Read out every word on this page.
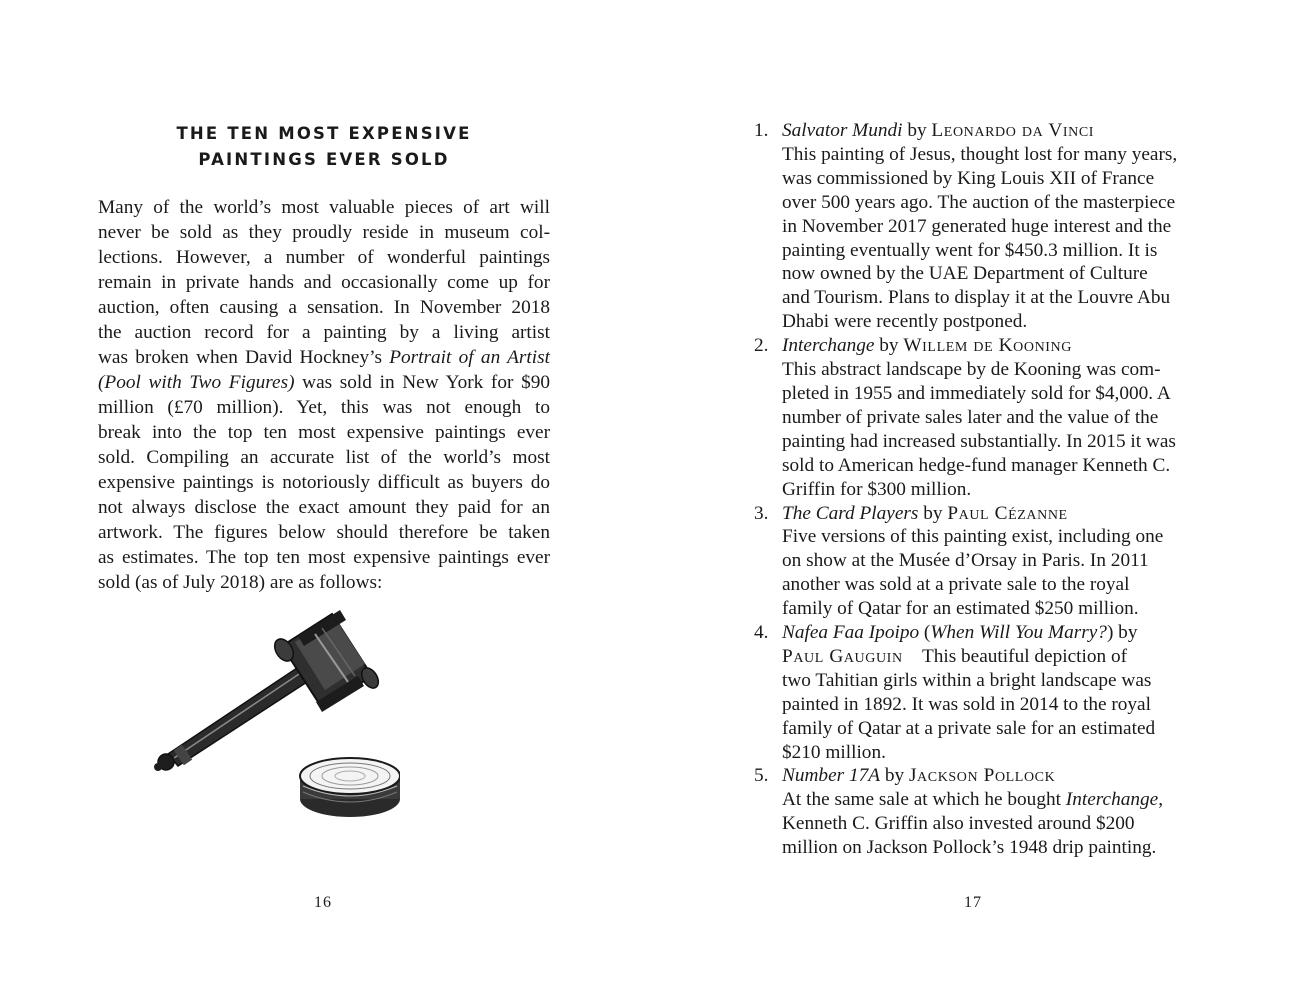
THE TEN MOST EXPENSIVE
PAINTINGS EVER SOLD

Many of the world’s most valuable pieces of art will
never be sold as they proudly reside in museum col-
lections. However, a number of wonderful paintings
remain in private hands and occasionally come up for
auction, often causing a sensation. In November 2018
the auction record for a painting by a living artist
was broken when David Hockney’s Portrait of an Artist
(Pool with Two Figures) was sold in New York for $90
million (£70 million). Yet, this was not enough to
break into the top ten most expensive paintings ever
sold. Compiling an accurate list of the world’s most
expensive paintings is notoriously difficult as buyers do
not always disclose the exact amount they paid for an
artwork. The figures below should therefore be taken
as estimates. The top ten most expensive paintings ever
sold (as of July 2018) are as follows:

16
1. Salvator Mundi by Leonardo da Vinci
This painting of Jesus, thought lost for many years,
was commissioned by King Louis XII of France
over 500 years ago. The auction of the masterpiece
in November 2017 generated huge interest and the
painting eventually went for $450.3 million. It is
now owned by the UAE Department of Culture
and Tourism. Plans to display it at the Louvre Abu
Dhabi were recently postponed.
2. Interchange by Willem de Kooning
This abstract landscape by de Kooning was com-
pleted in 1955 and immediately sold for $4,000. A
number of private sales later and the value of the
painting had increased substantially. In 2015 it was
sold to American hedge-fund manager Kenneth C.
Griffin for $300 million.
3. The Card Players by Paul Cézanne
Five versions of this painting exist, including one
on show at the Musée d’Orsay in Paris. In 2011
another was sold at a private sale to the royal
family of Qatar for an estimated $250 million.
4. Nafea Faa Ipoipo (When Will You Marry?) by
Paul Gauguin This beautiful depiction of
two Tahitian girls within a bright landscape was
painted in 1892. It was sold in 2014 to the royal
family of Qatar at a private sale for an estimated
$210 million.
5. Number 17A by Jackson Pollock
At the same sale at which he bought Interchange,
Kenneth C. Griffin also invested around $200
million on Jackson Pollock’s 1948 drip painting.
17
